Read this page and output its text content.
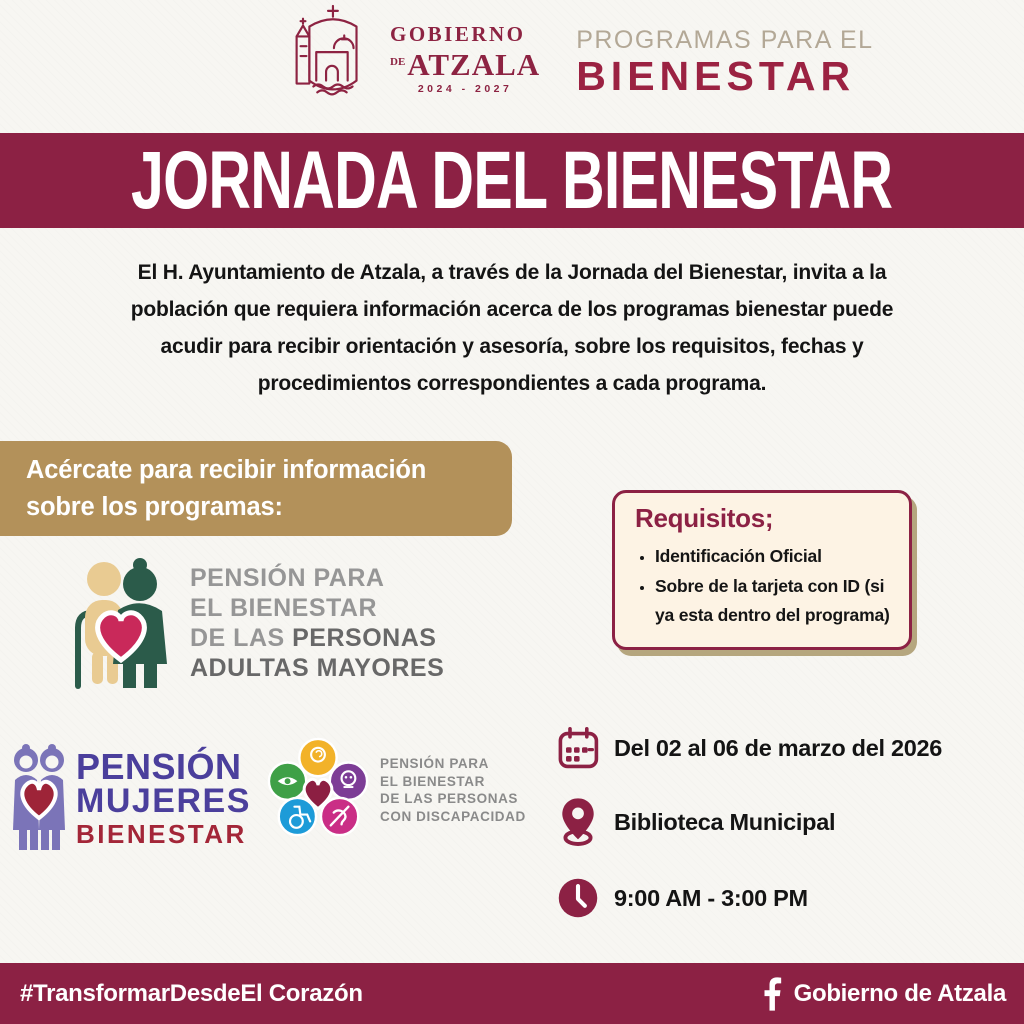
GOBIERNO
$^{DE}$ATZALA
2024 - 2027
PROGRAMAS PARA EL
BIENESTAR
JORNADA DEL BIENESTAR
El H. Ayuntamiento de Atzala, a través de la Jornada del Bienestar, invita a la
población que requiera información acerca de los programas bienestar puede
acudir para recibir orientación y asesoría, sobre los requisitos, fechas y
procedimientos correspondientes a cada programa.
Acércate para recibir información
sobre los programas:
PENSIÓN PARA
EL BIENESTAR
DE LAS PERSONAS
ADULTAS MAYORES
PENSIÓN
MUJERES
BIENESTAR
PENSIÓN PARA
EL BIENESTAR
DE LAS PERSONAS
CON DISCAPACIDAD
Requisitos;
• Identificación Oficial
• Sobre de la tarjeta con ID (si ya esta dentro del programa)
Del 02 al 06 de marzo del 2026
Biblioteca Municipal
9:00 AM - 3:00 PM
#TransformarDesdeEl Corazón	Gobierno de Atzala
